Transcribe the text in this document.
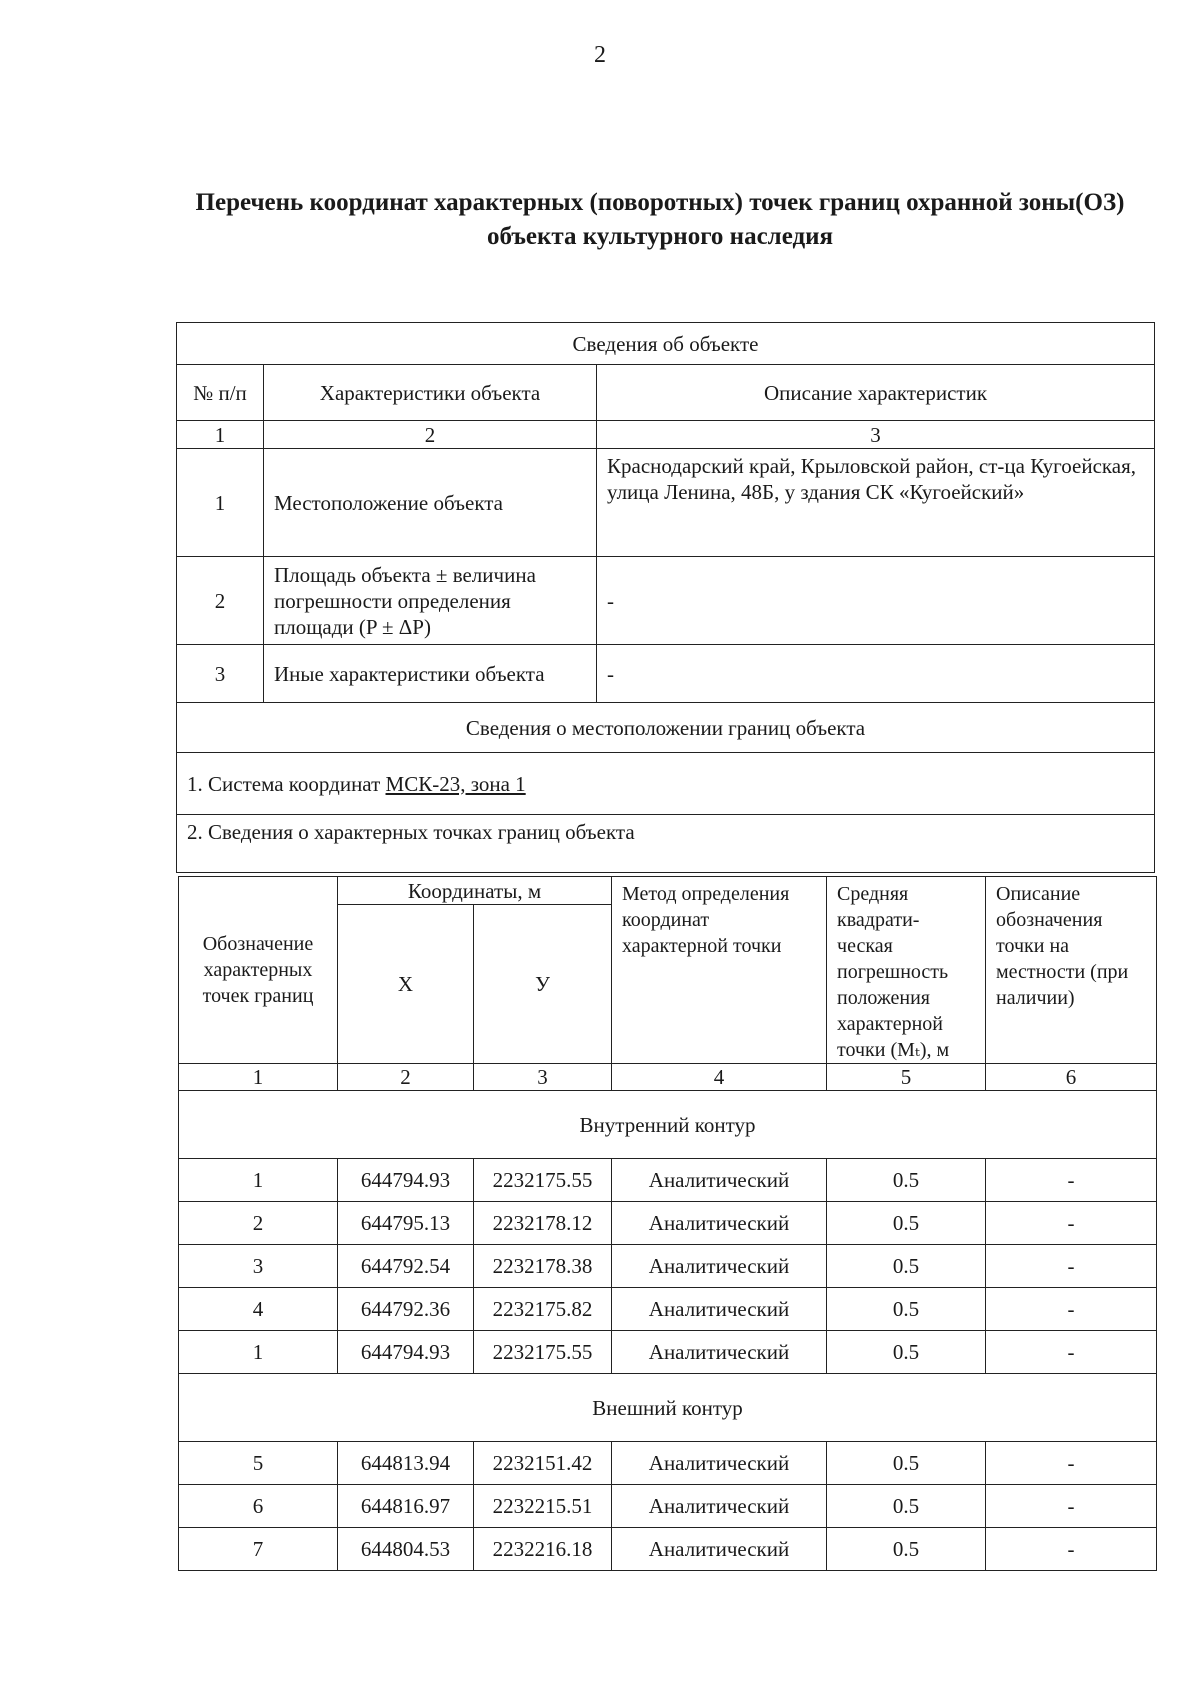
2
Перечень координат характерных (поворотных) точек границ охранной зоны(ОЗ) объекта культурного наследия
Сведения об объекте		
№ п/п	Характеристики объекта	Описание характеристик
1	2	3
1	Местоположение объекта	Краснодарский край, Крыловской район, ст-ца Кугоейская, улица Ленина, 48Б, у здания СК «Кугоейский»
2	Площадь объекта ± величина погрешности определения площади (P ± ΔP)	-
3	Иные характеристики объекта	-
Сведения о местоположении границ объекта		
1. Система координат МСК-23, зона 1		
2. Сведения о характерных точках границ объекта		
Обозначение характерных точек границ	Координаты, м		Метод определения координат характерной точки	Средняя квадрати-ческая погрешность положения характерной точки (Mₜ), м	Описание обозначения точки на местности (при наличии)
	X	У			
1	2	3	4	5	6
Внутренний контур					
1	644794.93	2232175.55	Аналитический	0.5	-
2	644795.13	2232178.12	Аналитический	0.5	-
3	644792.54	2232178.38	Аналитический	0.5	-
4	644792.36	2232175.82	Аналитический	0.5	-
1	644794.93	2232175.55	Аналитический	0.5	-
Внешний контур					
5	644813.94	2232151.42	Аналитический	0.5	-
6	644816.97	2232215.51	Аналитический	0.5	-
7	644804.53	2232216.18	Аналитический	0.5	-
